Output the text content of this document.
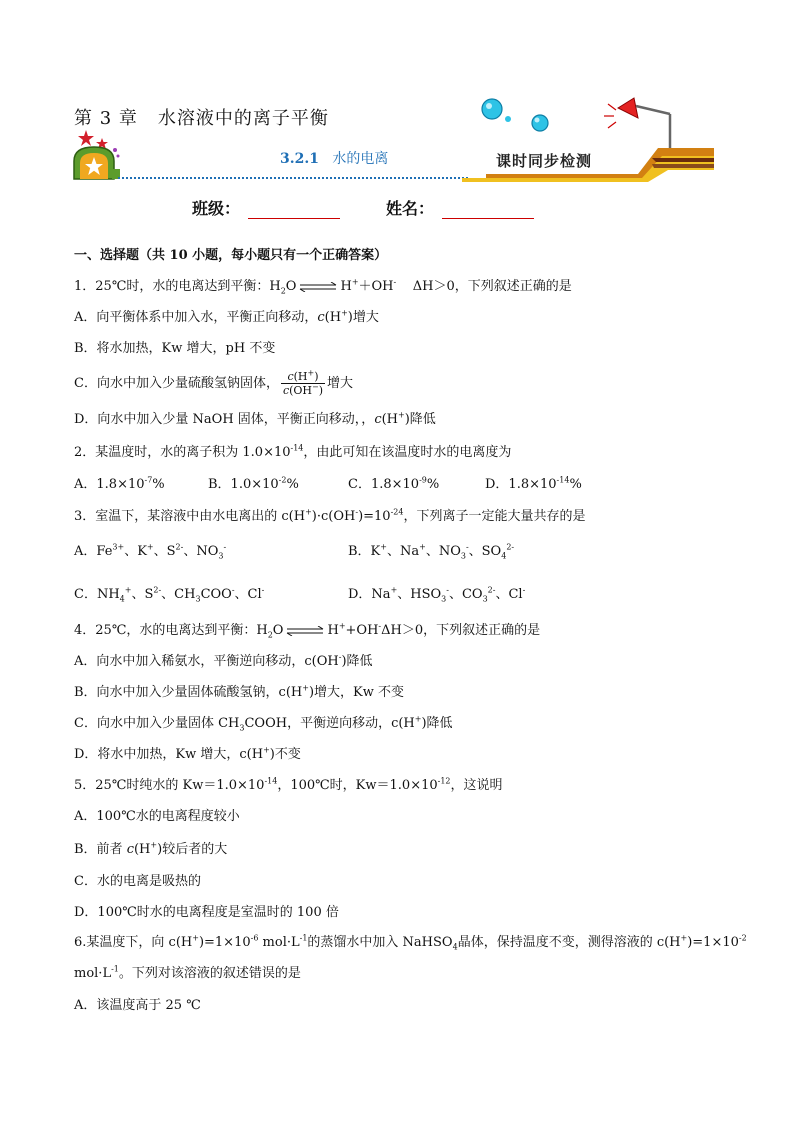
第 3 章 水溶液中的离子平衡
3.2.1 水的电离	课时同步检测
班级：	姓名：
一、选择题（共 10 小题，每小题只有一个正确答案）
1．25℃时，水的电离达到平衡：$H_2O$ ⇌ H+＋OH- ΔH＞0，下列叙述正确的是
A．向平衡体系中加入水，平衡正向移动，c(H+)增大
B．将水加热，Kw 增大，pH 不变
C．向水中加入少量硫酸氢钠固体， $\frac{c(H^+)}{c(OH^-)}$ 增大
D．向水中加入少量 NaOH 固体，平衡正向移动，，c(H+)降低
2．某温度时，水的离子积为 $1.0\times 10^{-14}$，由此可知在该温度时水的电离度为
A．$1.8\times 10^{-7}\%$	B．$1.0\times 10^{-2}\%$	C．$1.8\times 10^{-9}\%$	D．$1.8\times 10^{-14}\%$
3．室温下，某溶液中由水电离出的 $c(H^+)\cdot c(OH^-)=10^{-24}$，下列离子一定能大量共存的是
A．$Fe^{3+}$、K+、$S^{2-}$、$NO_3^-$	B．K+、Na+、$NO_3^-$、$SO_4^{2-}$
C．$NH_4^+$、$S^{2-}$、$CH_3COO^-$、Cl-	D．Na+、$HSO_3^-$、$CO_3^{2-}$、Cl-
4．25℃，水的电离达到平衡：$H_2O$ ⇌ H++OH-ΔH＞0，下列叙述正确的是
A．向水中加入稀氨水，平衡逆向移动，c(OH-)降低
B．向水中加入少量固体硫酸氢钠，c(H+)增大，Kw 不变
C．向水中加入少量固体 $CH_3COOH$，平衡逆向移动，c(H+)降低
D．将水中加热，Kw 增大，c(H+)不变
5．25℃时纯水的 $Kw=1.0\times 10^{-14}$，100℃时，$Kw=1.0\times 10^{-12}$，这说明
A．100℃水的电离程度较小
B．前者 c(H+)较后者的大
C．水的电离是吸热的
D．100℃时水的电离程度是室温时的 100 倍
6.某温度下，向 $c(H^+)=1\times 10^{-6}$ $mol\cdot L^{-1}$的蒸馏水中加入 NaHSO$_4$晶体，保持温度不变，测得溶液的 $c(H^+)=1\times 10^{-2}$
$mol\cdot L^{-1}$。下列对该溶液的叙述错误的是
A．该温度高于 25 ℃
